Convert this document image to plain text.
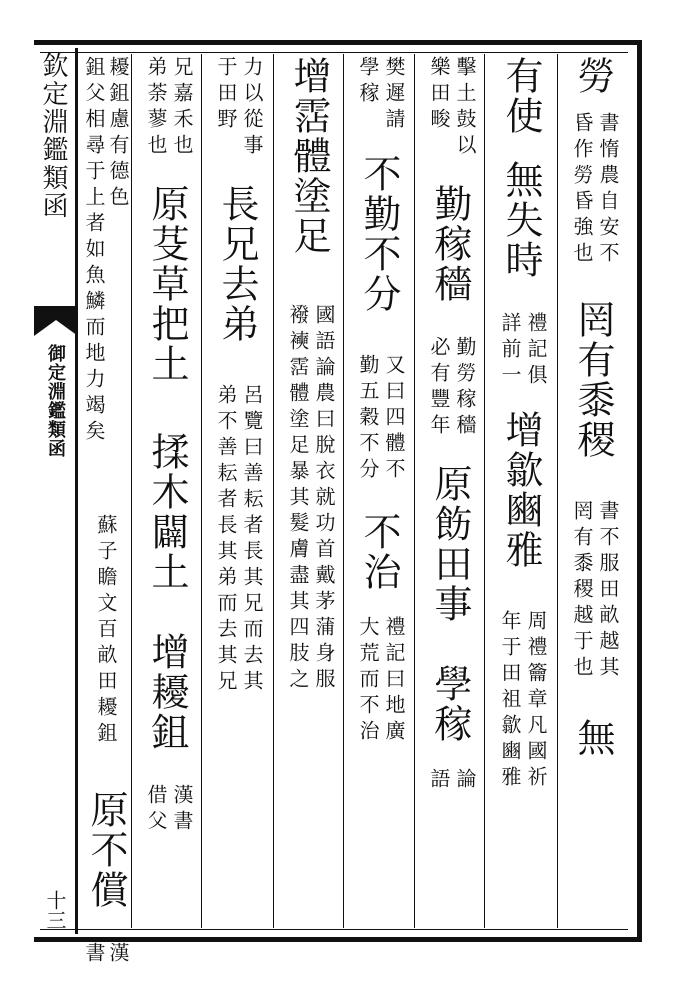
欽定淵鑑類函
御定淵鑑類函
十三
勞
書惰農自安不
昏作勞昏強也
罔有黍稷
書不服田畝越其
罔有黍稷越于也
無
有使
無失時
禮記俱
詳前一
增歙豳雅
周禮籥章凡國祈
年于田祖歙豳雅
擊土鼓以
樂田畯
勤稼穡
勤勞稼穡
必有豐年
原飭田事
學稼
論
語
樊遲請
學稼
不勤不分
又曰四體不
勤五穀不分
不治
禮記曰地廣
大荒而不治
增霑體塗足
國語論農曰脫衣就功首戴茅蒲身服
襏襫霑體塗足暴其髮膚盡其四肢之
力以從事
于田野
長兄去弟
呂覽曰善耘者長其兄而去其
弟不善耘者長其弟而去其兄
兄嘉禾也
弟荼蓼也
原芟草把土
揉木闢土
增耰鉏
漢書
借父
耰鉏慮有德色
鉏父相尋于上者如魚鱗而地力竭矣
蘇子瞻文百畝田耰鉏
原不償
漢
書
